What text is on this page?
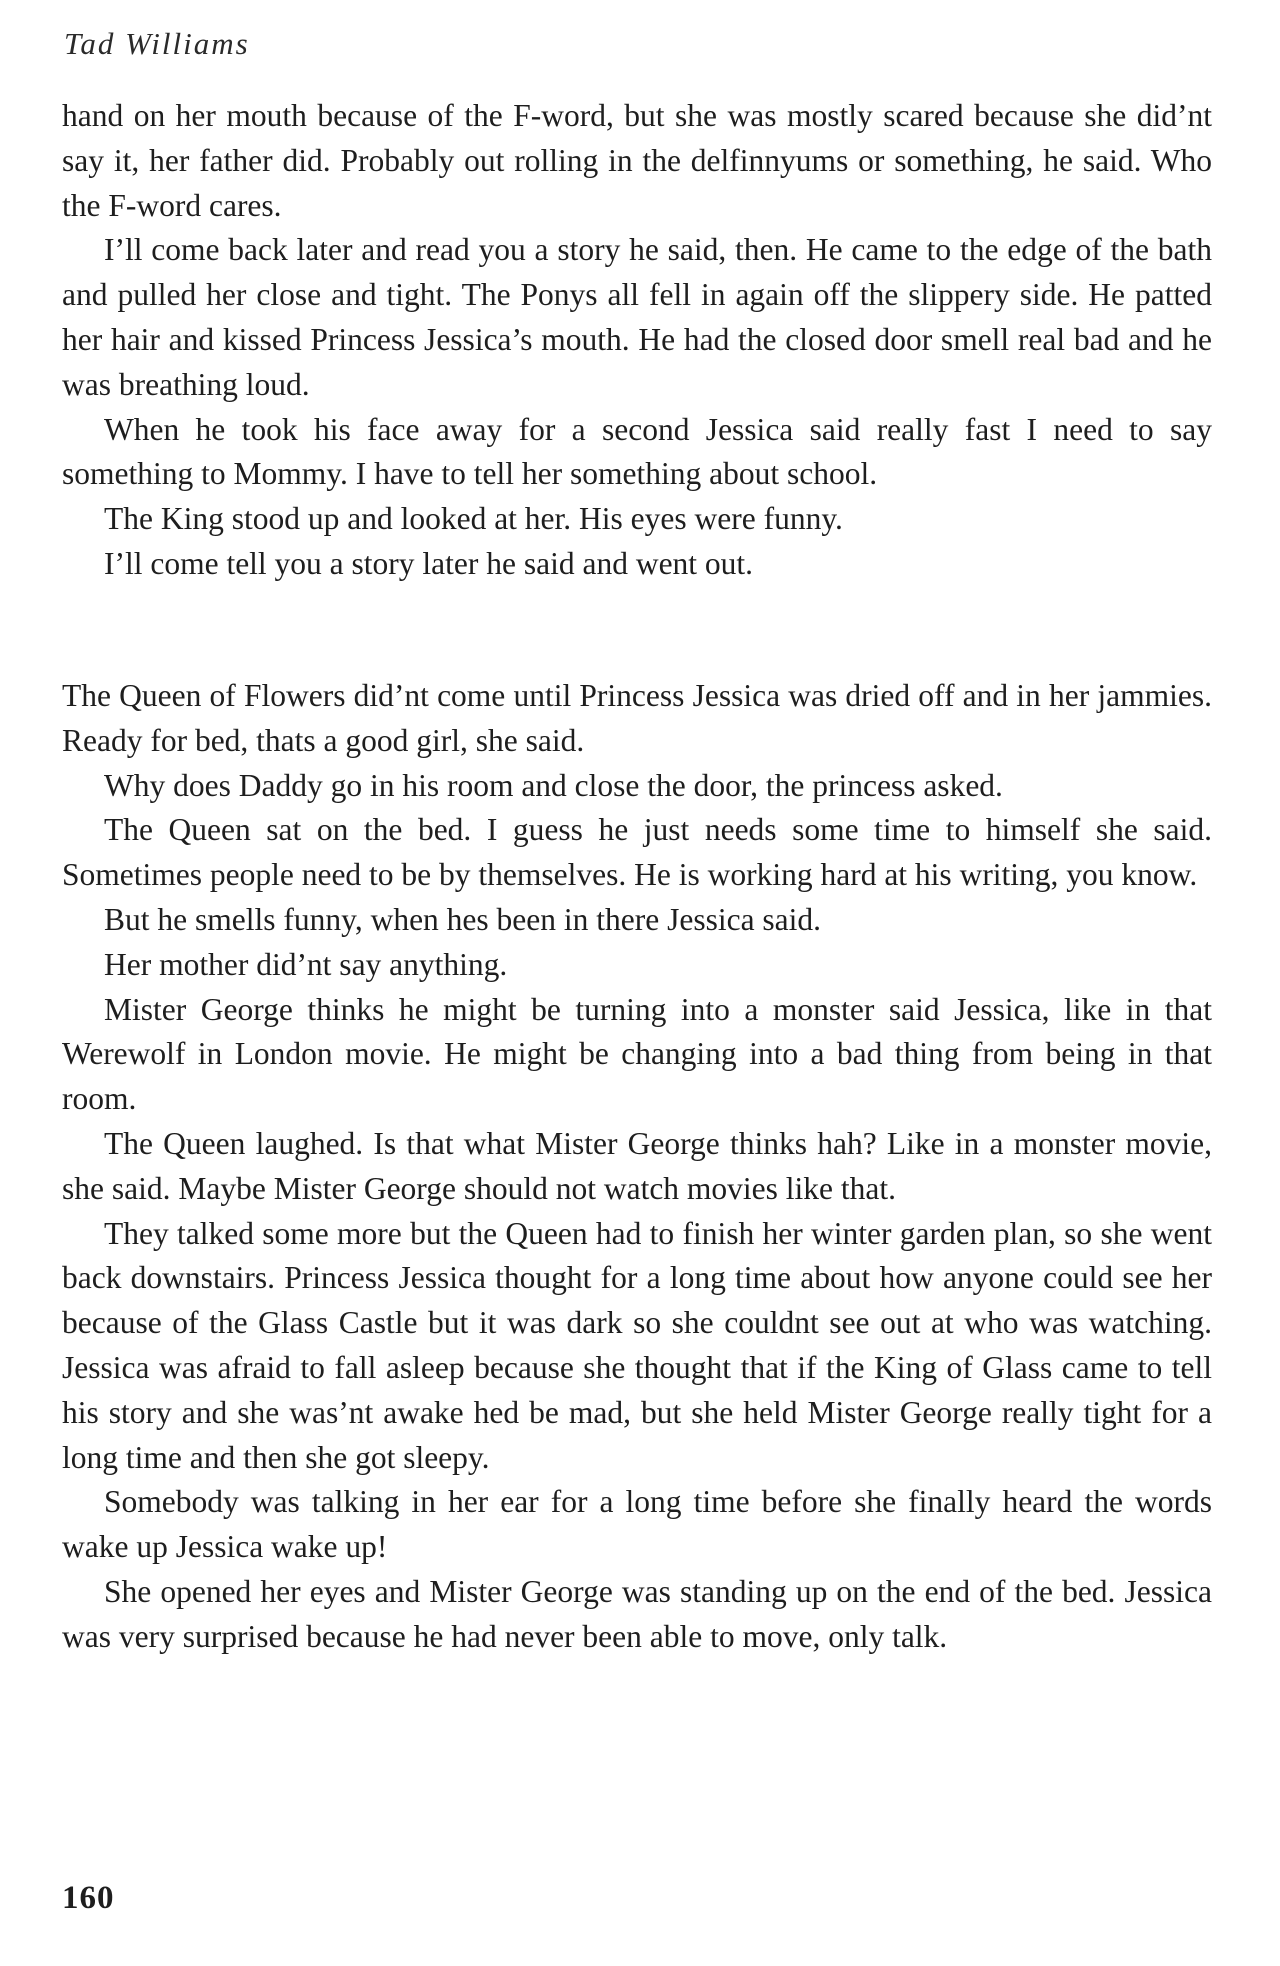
Tad Williams

hand on her mouth because of the F-word, but she was mostly scared because she did’nt say it, her father did. Probably out rolling in the delfinnyums or something, he said. Who the F-word cares.

I’ll come back later and read you a story he said, then. He came to the edge of the bath and pulled her close and tight. The Ponys all fell in again off the slippery side. He patted her hair and kissed Princess Jessica’s mouth. He had the closed door smell real bad and he was breathing loud.

When he took his face away for a second Jessica said really fast I need to say something to Mommy. I have to tell her something about school.

The King stood up and looked at her. His eyes were funny.

I’ll come tell you a story later he said and went out.

The Queen of Flowers did’nt come until Princess Jessica was dried off and in her jammies. Ready for bed, thats a good girl, she said.

Why does Daddy go in his room and close the door, the princess asked.

The Queen sat on the bed. I guess he just needs some time to himself she said. Sometimes people need to be by themselves. He is working hard at his writing, you know.

But he smells funny, when hes been in there Jessica said.

Her mother did’nt say anything.

Mister George thinks he might be turning into a monster said Jessica, like in that Werewolf in London movie. He might be changing into a bad thing from being in that room.

The Queen laughed. Is that what Mister George thinks hah? Like in a monster movie, she said. Maybe Mister George should not watch movies like that.

They talked some more but the Queen had to finish her winter garden plan, so she went back downstairs. Princess Jessica thought for a long time about how anyone could see her because of the Glass Castle but it was dark so she couldnt see out at who was watching. Jessica was afraid to fall asleep because she thought that if the King of Glass came to tell his story and she was’nt awake hed be mad, but she held Mister George really tight for a long time and then she got sleepy.

Somebody was talking in her ear for a long time before she finally heard the words wake up Jessica wake up!

She opened her eyes and Mister George was standing up on the end of the bed. Jessica was very surprised because he had never been able to move, only talk.

160
